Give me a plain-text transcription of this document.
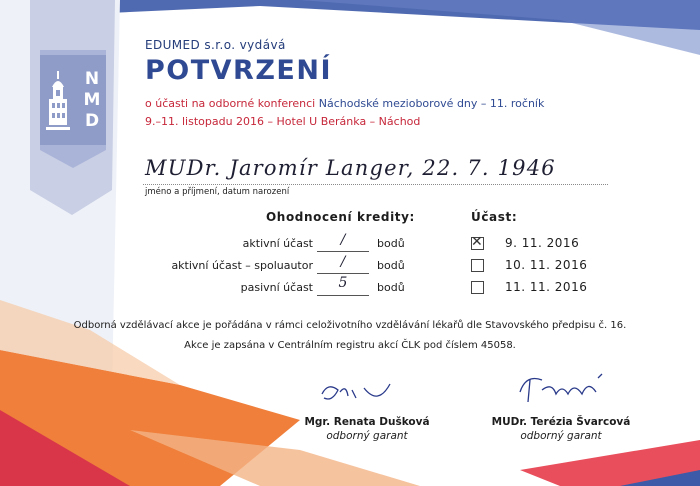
N
M
D
EDUMED s.r.o. vydává
POTVRZENÍ
o účasti na odborné konferenci Náchodské mezioborové dny – 11. ročník
9.–11. listopadu 2016 – Hotel U Beránka – Náchod
MUDr. Jaromír Langer, 22. 7. 1946
jméno a příjmení, datum narození
Ohodnocení kredity:
aktivní účast	/	bodů
aktivní účast – spoluautor	/	bodů
pasivní účast	5	bodů
Účast:
✕ 9. 11. 2016
10. 11. 2016
11. 11. 2016
Odborná vzdělávací akce je pořádána v rámci celoživotního vzdělávání lékařů dle Stavovského předpisu č. 16.
Akce je zapsána v Centrálním registru akcí ČLK pod číslem 45058.
Mgr. Renata Dušková
odborný garant
MUDr. Terézia Švarcová
odborný garant
